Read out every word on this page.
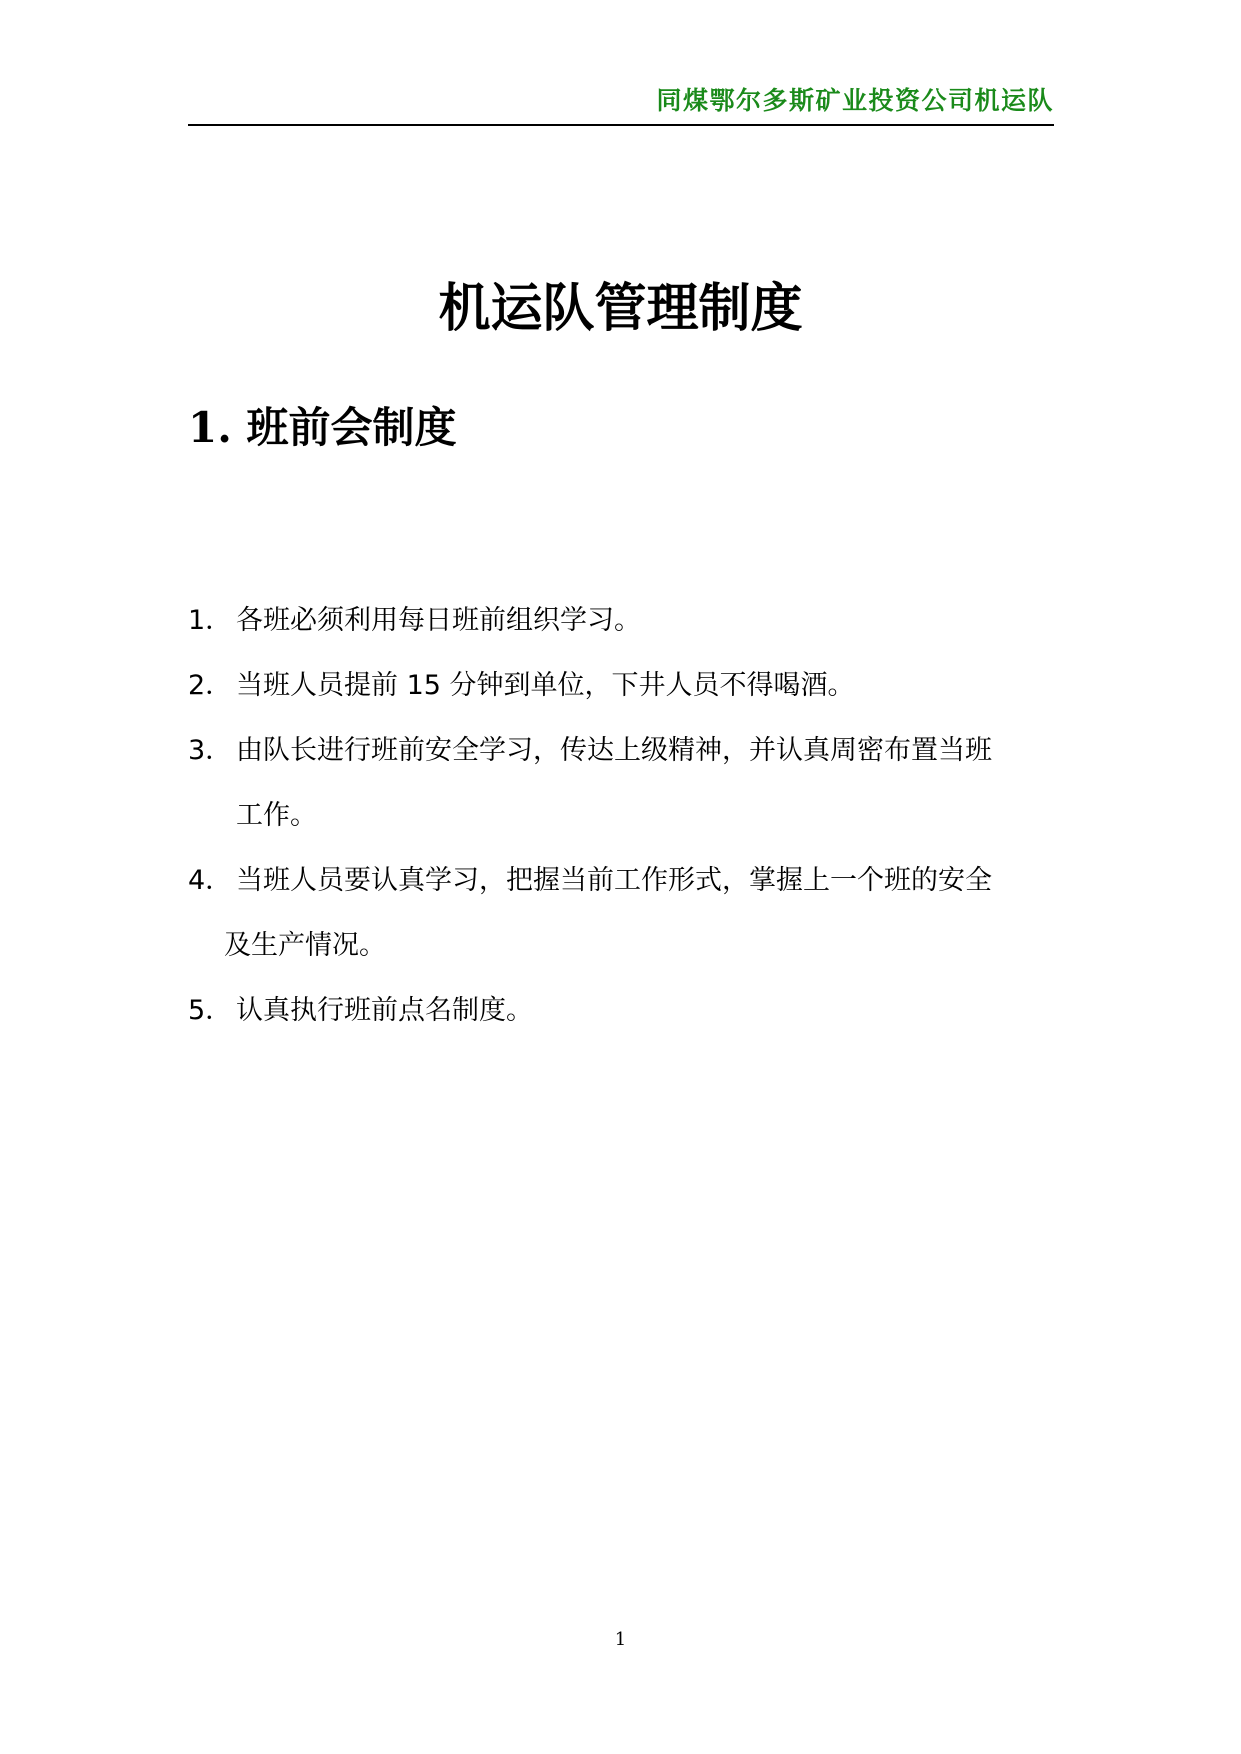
同煤鄂尔多斯矿业投资公司机运队
机运队管理制度
1. 班前会制度
1． 各班必须利用每日班前组织学习。
2． 当班人员提前 15 分钟到单位，下井人员不得喝酒。
3． 由队长进行班前安全学习，传达上级精神，并认真周密布置当班
工作。
4． 当班人员要认真学习，把握当前工作形式，掌握上一个班的安全
及生产情况。
5． 认真执行班前点名制度。
1
